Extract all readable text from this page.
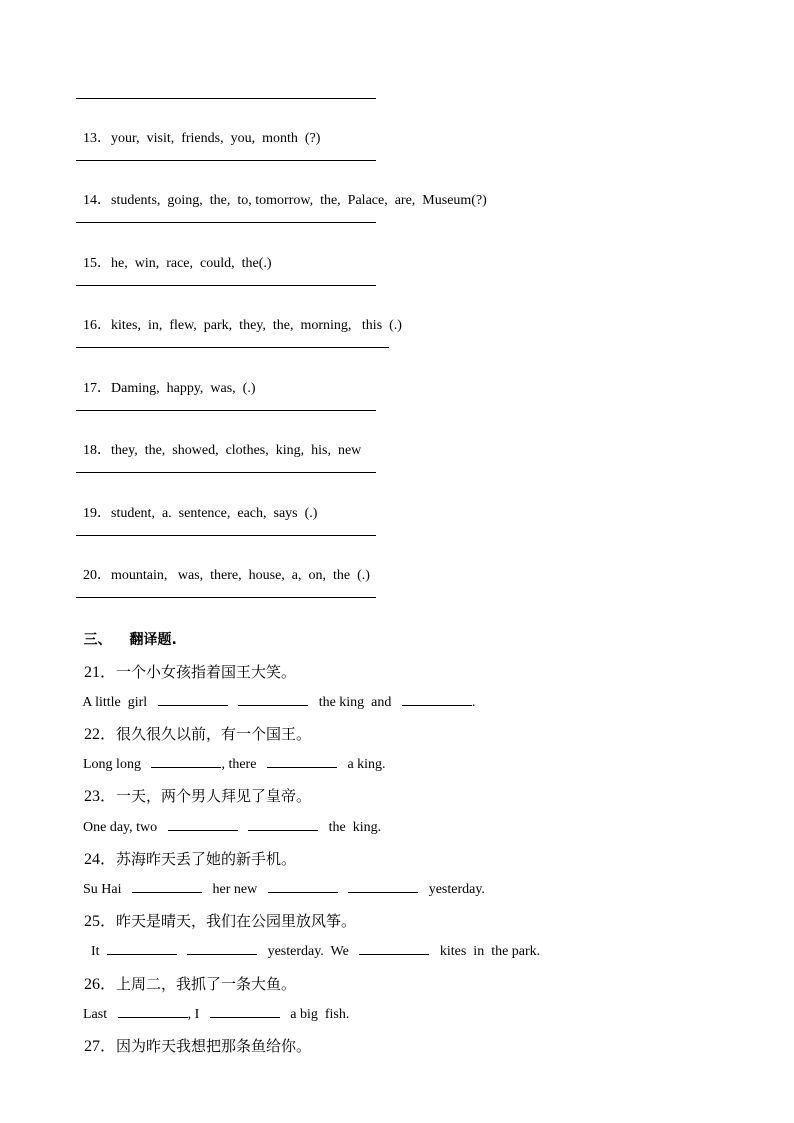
13．your,  visit,  friends,  you,  month  (?)

14．students,  going,  the,  to, tomorrow,  the,  Palace,  are,  Museum(?)

15．he,  win,  race,  could,  the(.)

16．kites,  in,  flew,  park,  they,  the,  morning,   this  (.)

17．Daming,  happy,  was,  (.)

18．they,  the,  showed,  clothes,  king,  his,  new

19．student,  a.  sentence,  each,  says  (.)

20．mountain,   was,  there,  house,  a,  on,  the  (.)

三、 翻译题.

21．一个小女孩指着国王大笑。

A little  girl	the king  and	.

22．很久很久以前，有一个国王。

Long long	, there	a king.

23．一天，两个男人拜见了皇帝。

One day, two	the  king.

24．苏海昨天丢了她的新手机。

Su Hai	her new	yesterday.

25．昨天是晴天，我们在公园里放风筝。

It	yesterday.  We	kites  in  the park.

26．上周二，我抓了一条大鱼。

Last	, I	a big  fish.

27．因为昨天我想把那条鱼给你。
